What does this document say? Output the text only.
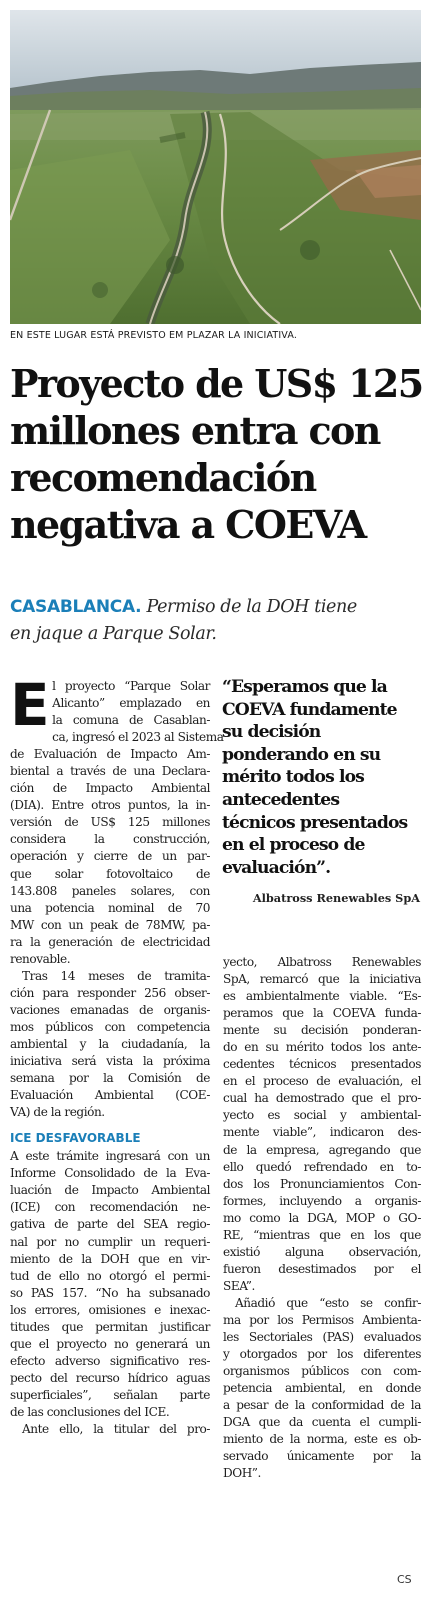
EN ESTE LUGAR ESTÁ PREVISTO EM PLAZAR LA INICIATIVA.
Proyecto de US$ 125
millones entra con
recomendación
negativa a COEVA
CASABLANCA. Permiso de la DOH tiene
en jaque a Parque Solar.
E l proyecto “Parque Solar
Alicanto” emplazado en
la comuna de Casablan-
ca, ingresó el 2023 al Sistema
de Evaluación de Impacto Am-
biental a través de una Declara-
ción de Impacto Ambiental
(DIA). Entre otros puntos, la in-
versión de US$ 125 millones
considera la construcción,
operación y cierre de un par-
que solar fotovoltaico de
143.808 paneles solares, con
una potencia nominal de 70
MW con un peak de 78MW, pa-
ra la generación de electricidad
renovable.
Tras 14 meses de tramita-
ción para responder 256 obser-
vaciones emanadas de organis-
mos públicos con competencia
ambiental y la ciudadanía, la
iniciativa será vista la próxima
semana por la Comisión de
Evaluación Ambiental (COE-
VA) de la región.
ICE DESFAVORABLE
A este trámite ingresará con un
Informe Consolidado de la Eva-
luación de Impacto Ambiental
(ICE) con recomendación ne-
gativa de parte del SEA regio-
nal por no cumplir un requeri-
miento de la DOH que en vir-
tud de ello no otorgó el permi-
so PAS 157. “No ha subsanado
los errores, omisiones e inexac-
titudes que permitan justificar
que el proyecto no generará un
efecto adverso significativo res-
pecto del recurso hídrico aguas
superficiales”, señalan parte
de las conclusiones del ICE.
Ante ello, la titular del pro-
“Esperamos que la
COEVA fundamente
su decisión
ponderando en su
mérito todos los
antecedentes
técnicos presentados
en el proceso de
evaluación”.
Albatross Renewables SpA
yecto, Albatross Renewables
SpA, remarcó que la iniciativa
es ambientalmente viable. “Es-
peramos que la COEVA funda-
mente su decisión ponderan-
do en su mérito todos los ante-
cedentes técnicos presentados
en el proceso de evaluación, el
cual ha demostrado que el pro-
yecto es social y ambiental-
mente viable”, indicaron des-
de la empresa, agregando que
ello quedó refrendado en to-
dos los Pronunciamientos Con-
formes, incluyendo a organis-
mo como la DGA, MOP o GO-
RE, “mientras que en los que
existió alguna observación,
fueron desestimados por el
SEA”.
Añadió que “esto se confir-
ma por los Permisos Ambienta-
les Sectoriales (PAS) evaluados
y otorgados por los diferentes
organismos públicos con com-
petencia ambiental, en donde
a pesar de la conformidad de la
DGA que da cuenta el cumpli-
miento de la norma, este es ob-
servado únicamente por la
DOH”.
CS
